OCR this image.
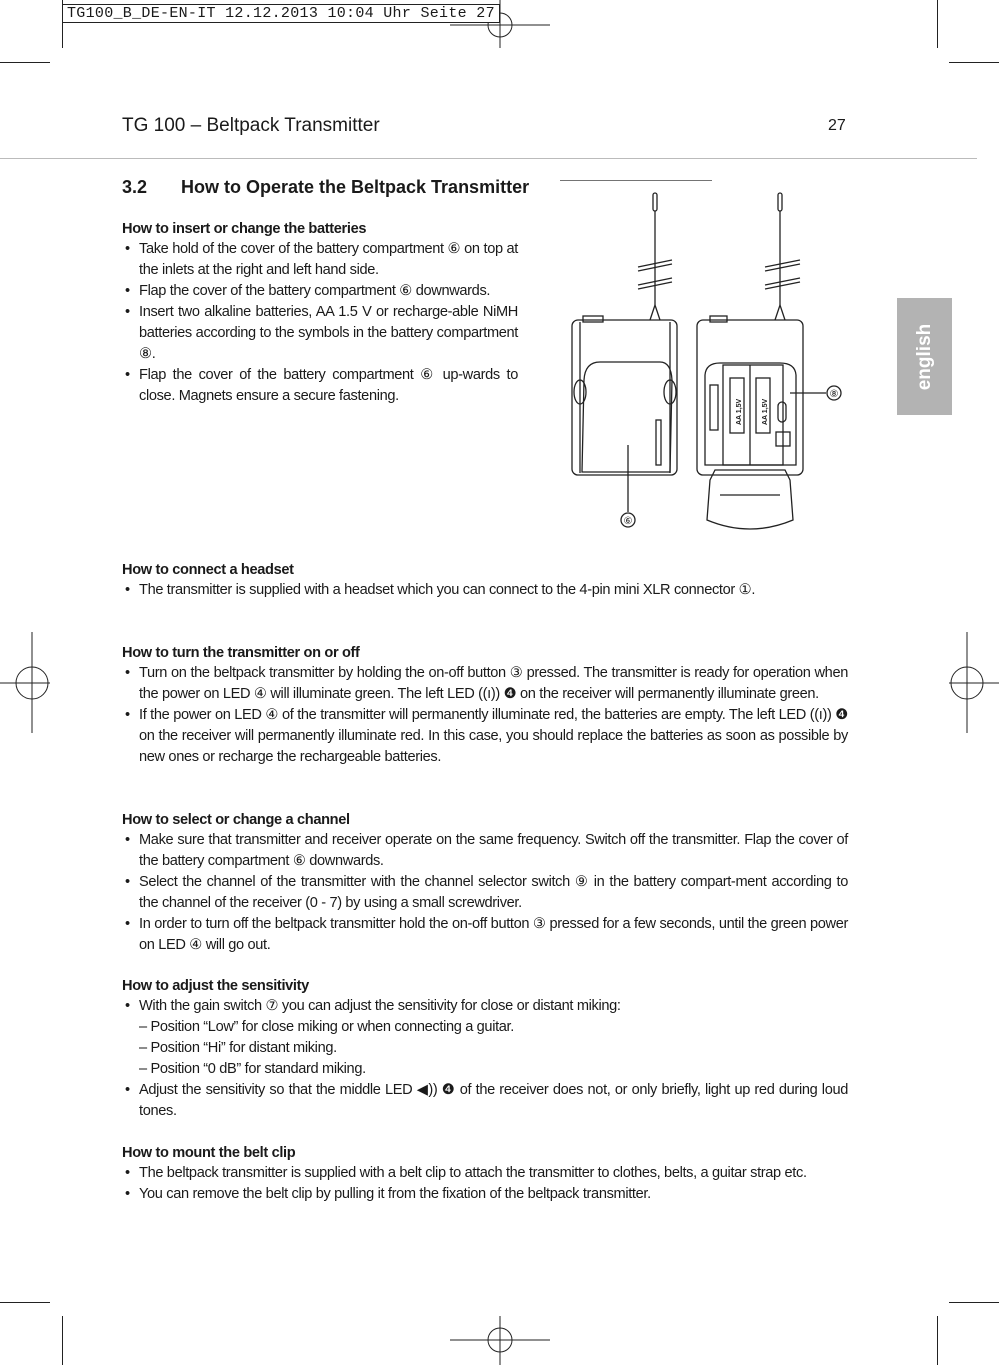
TG100_B_DE-EN-IT 12.12.2013 10:04 Uhr Seite 27
TG 100 – Beltpack Transmitter	27
english
3.2 How to Operate the Beltpack Transmitter
⑧
⑥
AA 1,5V	AA 1,5V
How to insert or change the batteries
• Take hold of the cover of the battery compartment ⑥ on top at the inlets at the right and left hand side.
• Flap the cover of the battery compartment ⑥ downwards.
• Insert two alkaline batteries, AA 1.5 V or recharge-able NiMH batteries according to the symbols in the battery compartment ⑧.
• Flap the cover of the battery compartment ⑥ up-wards to close. Magnets ensure a secure fastening.
How to connect a headset
• The transmitter is supplied with a headset which you can connect to the 4-pin mini XLR connector ①.
How to turn the transmitter on or off
• Turn on the beltpack transmitter by holding the on-off button ③ pressed. The transmitter is ready for operation when the power on LED ④ will illuminate green. The left LED ((ı)) ❹ on the receiver will permanently illuminate green.
• If the power on LED ④ of the transmitter will permanently illuminate red, the batteries are empty. The left LED ((ı)) ❹ on the receiver will permanently illuminate red. In this case, you should replace the batteries as soon as possible by new ones or recharge the rechargeable batteries.
How to select or change a channel
• Make sure that transmitter and receiver operate on the same frequency. Switch off the transmitter. Flap the cover of the battery compartment ⑥ downwards.
• Select the channel of the transmitter with the channel selector switch ⑨ in the battery compart-ment according to the channel of the receiver (0 - 7) by using a small screwdriver.
• In order to turn off the beltpack transmitter hold the on-off button ③ pressed for a few seconds, until the green power on LED ④ will go out.
How to adjust the sensitivity
• With the gain switch ⑦ you can adjust the sensitivity for close or distant miking:
– Position “Low” for close miking or when connecting a guitar.
– Position “Hi” for distant miking.
– Position “0 dB” for standard miking.
• Adjust the sensitivity so that the middle LED ◀)) ❹ of the receiver does not, or only briefly, light up red during loud tones.
How to mount the belt clip
• The beltpack transmitter is supplied with a belt clip to attach the transmitter to clothes, belts, a guitar strap etc.
• You can remove the belt clip by pulling it from the fixation of the beltpack transmitter.
